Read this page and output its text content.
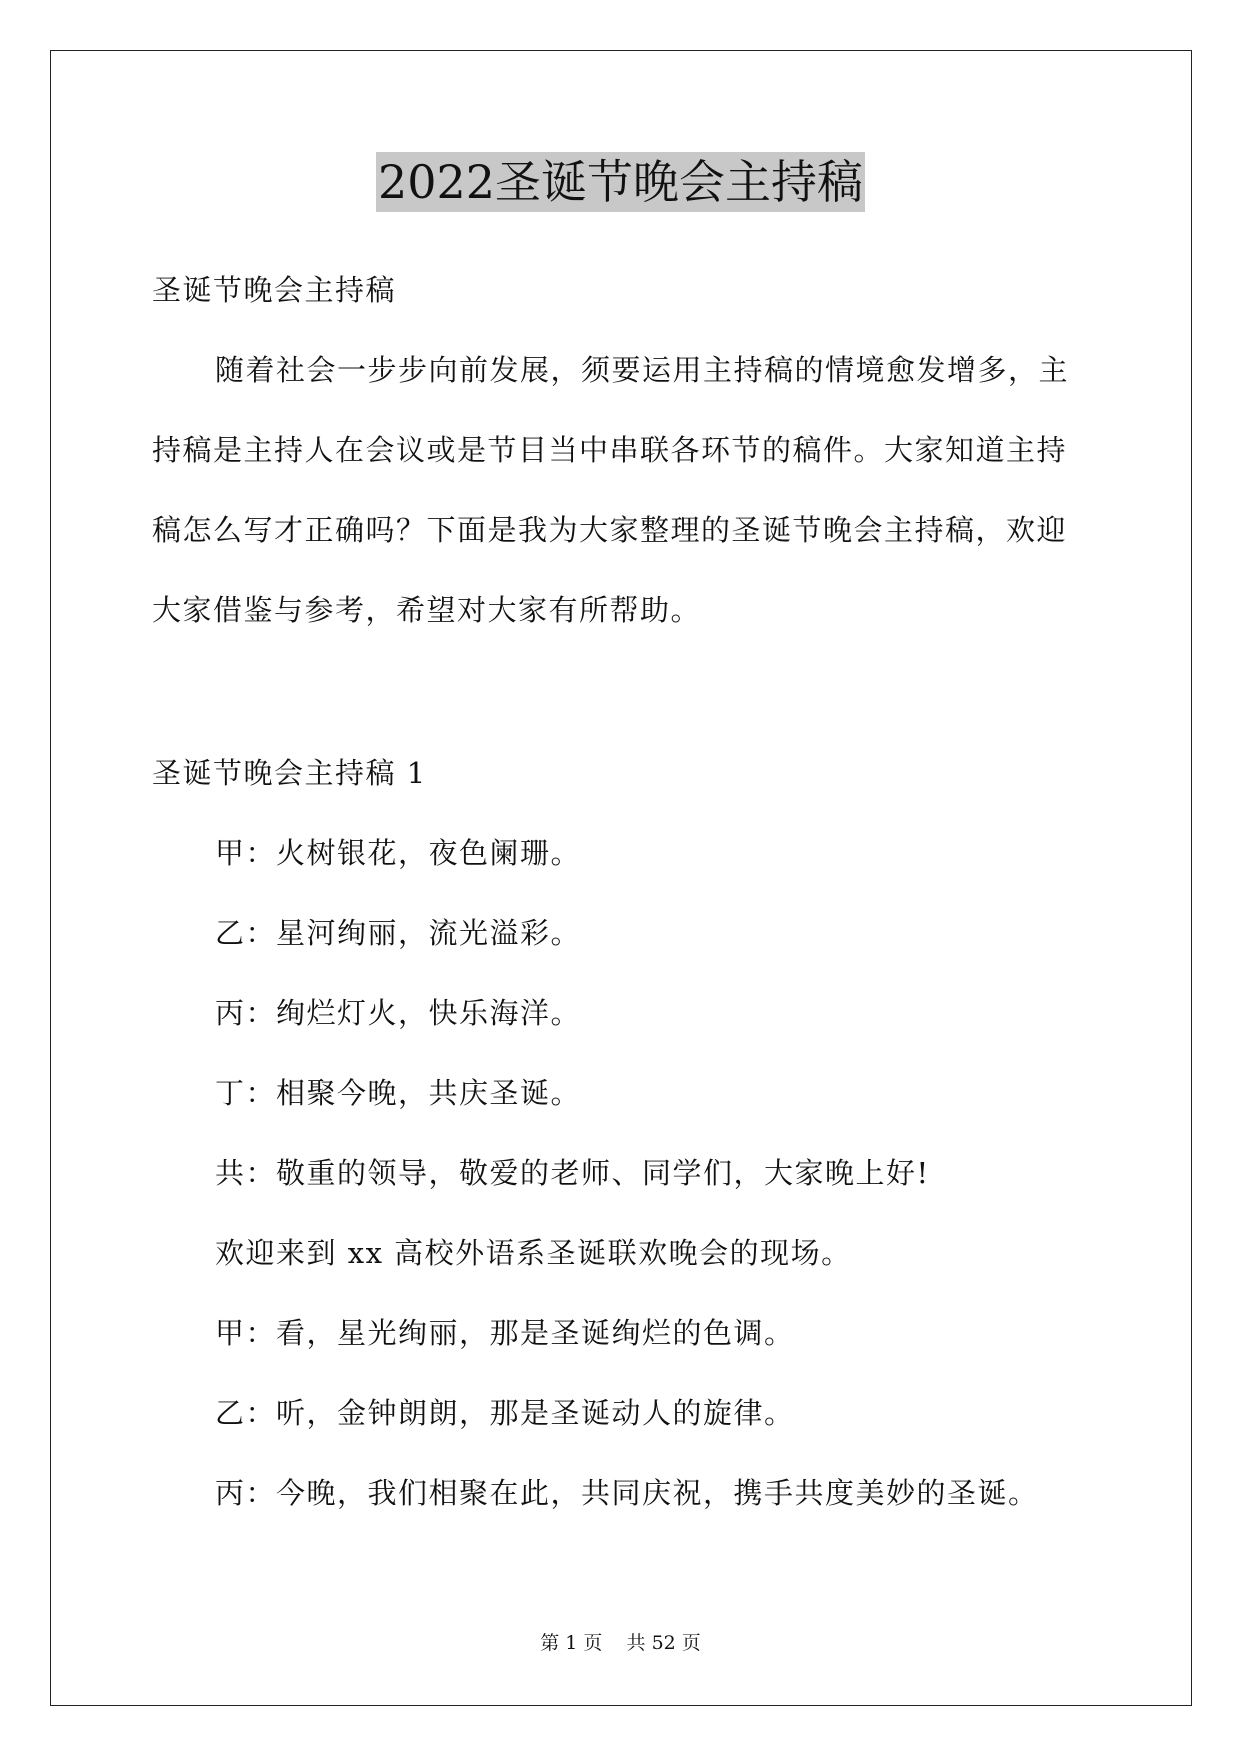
2022圣诞节晚会主持稿
圣诞节晚会主持稿
随着社会一步步向前发展，须要运用主持稿的情境愈发增多，主
持稿是主持人在会议或是节目当中串联各环节的稿件。大家知道主持
稿怎么写才正确吗？下面是我为大家整理的圣诞节晚会主持稿，欢迎
大家借鉴与参考，希望对大家有所帮助。
圣诞节晚会主持稿 1
甲：火树银花，夜色阑珊。
乙：星河绚丽，流光溢彩。
丙：绚烂灯火，快乐海洋。
丁：相聚今晚，共庆圣诞。
共：敬重的领导，敬爱的老师、同学们，大家晚上好!
欢迎来到 xx 高校外语系圣诞联欢晚会的现场。
甲：看，星光绚丽，那是圣诞绚烂的色调。
乙：听，金钟朗朗，那是圣诞动人的旋律。
丙：今晚，我们相聚在此，共同庆祝，携手共度美妙的圣诞。
第 1 页 共 52 页
